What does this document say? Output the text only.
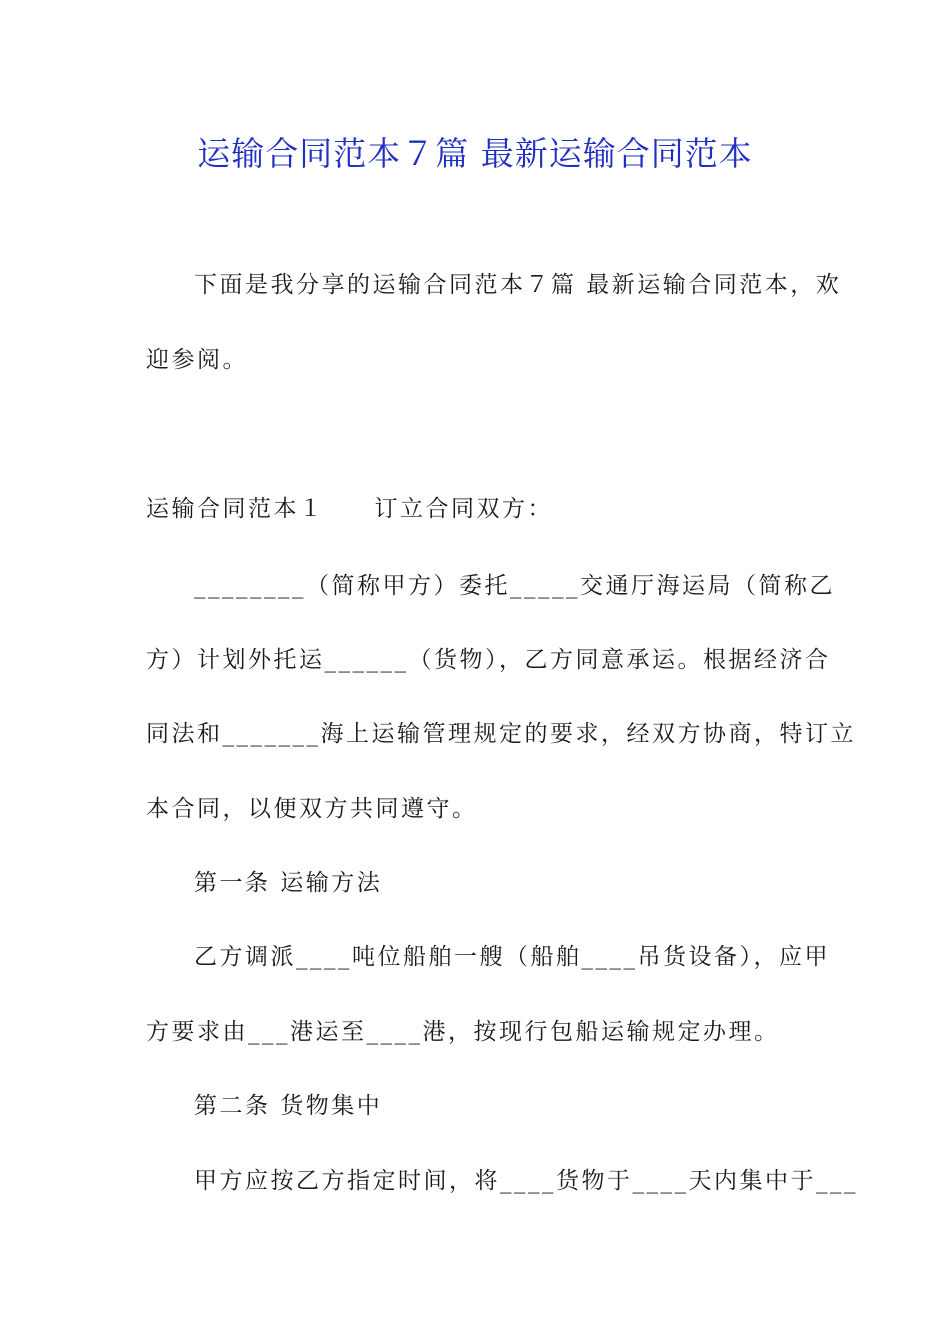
运输合同范本７篇 最新运输合同范本
下面是我分享的运输合同范本７篇 最新运输合同范本，欢
迎参阅。
运输合同范本１ 订立合同双方：
________（简称甲方）委托_____交通厅海运局（简称乙
方）计划外托运______（货物），乙方同意承运。根据经济合
同法和_______海上运输管理规定的要求，经双方协商，特订立
本合同，以便双方共同遵守。
第一条 运输方法
乙方调派____吨位船舶一艘（船舶____吊货设备），应甲
方要求由___港运至____港，按现行包船运输规定办理。
第二条 货物集中
甲方应按乙方指定时间，将____货物于____天内集中于___
